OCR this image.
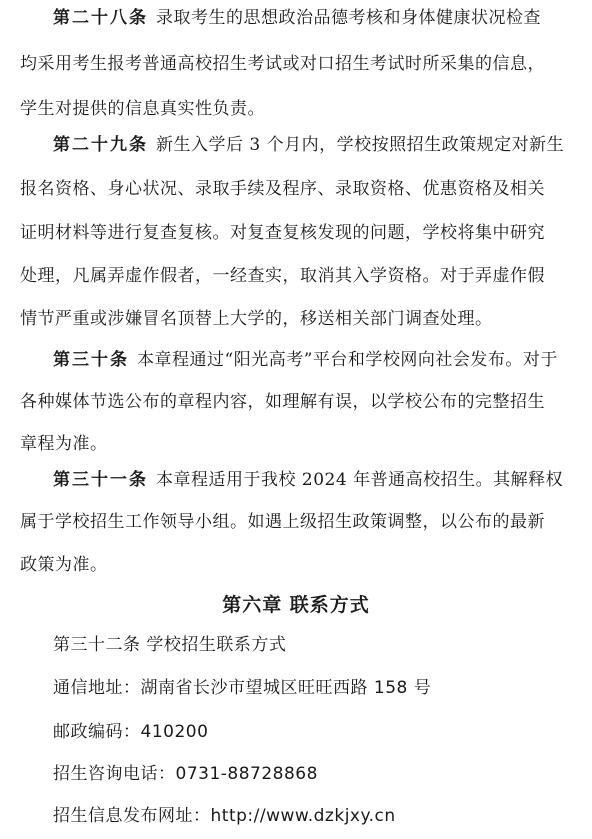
第二十八条 录取考生的思想政治品德考核和身体健康状况检查
均采用考生报考普通高校招生考试或对口招生考试时所采集的信息，
学生对提供的信息真实性负责。
第二十九条 新生入学后 3 个月内，学校按照招生政策规定对新生
报名资格、身心状况、录取手续及程序、录取资格、优惠资格及相关
证明材料等进行复查复核。对复查复核发现的问题，学校将集中研究
处理，凡属弄虚作假者，一经查实，取消其入学资格。对于弄虚作假
情节严重或涉嫌冒名顶替上大学的，移送相关部门调查处理。
第三十条 本章程通过“阳光高考”平台和学校网向社会发布。对于
各种媒体节选公布的章程内容，如理解有误，以学校公布的完整招生
章程为准。
第三十一条 本章程适用于我校 2024 年普通高校招生。其解释权
属于学校招生工作领导小组。如遇上级招生政策调整，以公布的最新
政策为准。
第六章 联系方式
第三十二条 学校招生联系方式
通信地址：湖南省长沙市望城区旺旺西路 158 号
邮政编码：410200
招生咨询电话：0731-88728868
招生信息发布网址：http://www.dzkjxy.cn
